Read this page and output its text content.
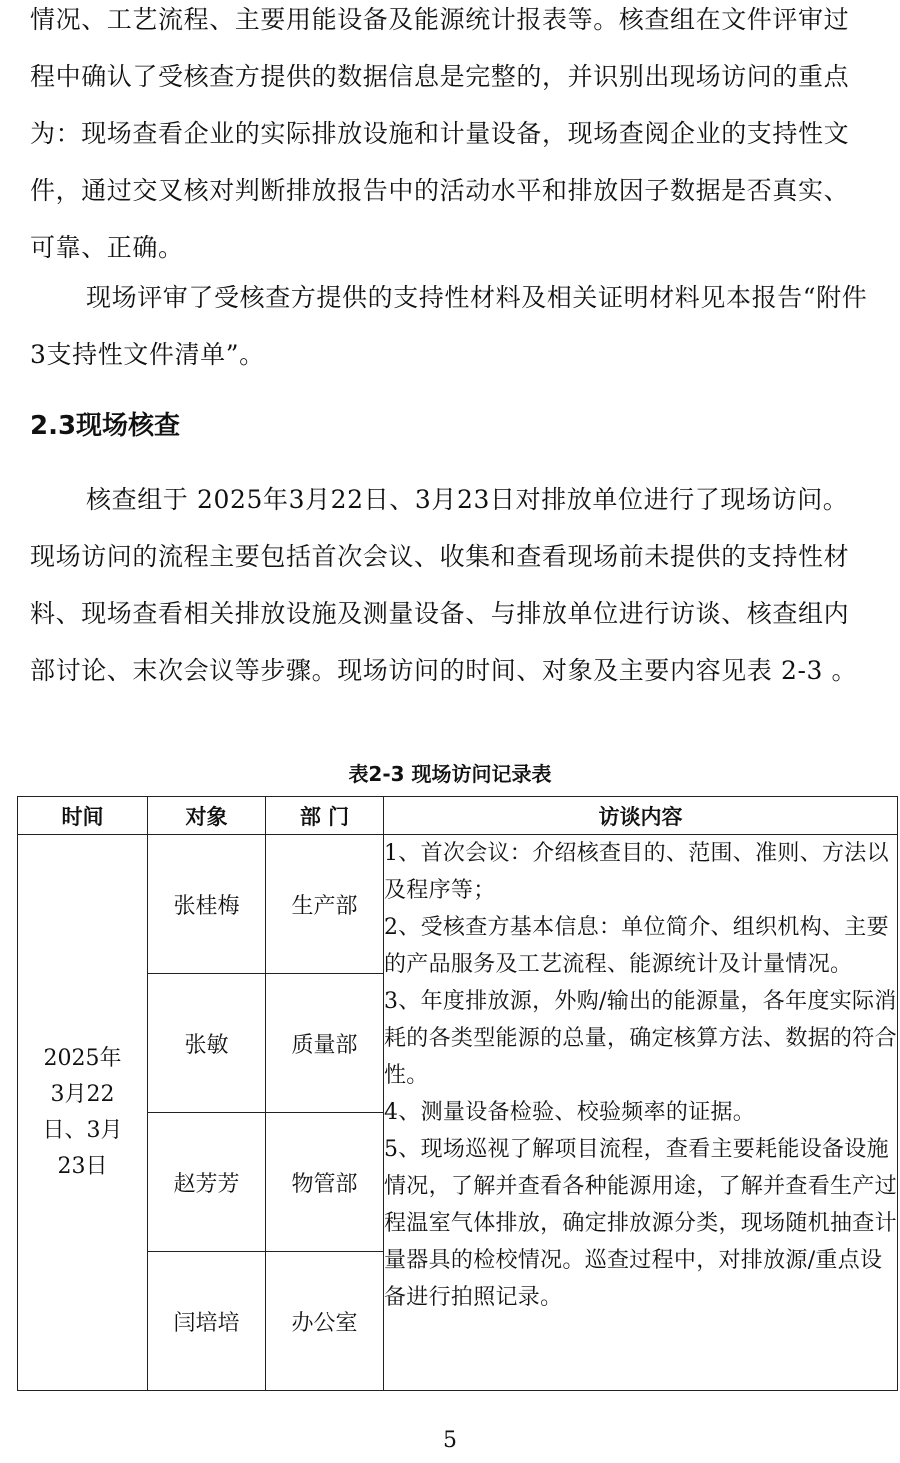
情况、工艺流程、主要用能设备及能源统计报表等。核查组在文件评审过程中确认了受核查方提供的数据信息是完整的，并识别出现场访问的重点为：现场查看企业的实际排放设施和计量设备，现场查阅企业的支持性文件，通过交叉核对判断排放报告中的活动水平和排放因子数据是否真实、可靠、正确。

现场评审了受核查方提供的支持性材料及相关证明材料见本报告“附件3支持性文件清单”。

2.3现场核查

核查组于 2025年3月22日、3月23日对排放单位进行了现场访问。现场访问的流程主要包括首次会议、收集和查看现场前未提供的支持性材料、现场查看相关排放设施及测量设备、与排放单位进行访谈、核查组内部讨论、末次会议等步骤。现场访问的时间、对象及主要内容见表 2-3 。

表2-3 现场访问记录表
时间	对象	部 门	访谈内容

2025年3月22日、3月23日	张桂梅	生产部	1、首次会议：介绍核查目的、范围、准则、方法以及程序等；
2、受核查方基本信息：单位简介、组织机构、主要的产品服务及工艺流程、能源统计及计量情况。
3、年度排放源，外购/输出的能源量，各年度实际消耗的各类型能源的总量，确定核算方法、数据的符合性。
4、测量设备检验、校验频率的证据。
5、现场巡视了解项目流程，查看主要耗能设备设施情况，了解并查看各种能源用途，了解并查看生产过程温室气体排放，确定排放源分类，现场随机抽查计量器具的检校情况。巡查过程中，对排放源/重点设备进行拍照记录。

	张敏	质量部	
	赵芳芳	物管部	
	闫培培	办公室	
5
